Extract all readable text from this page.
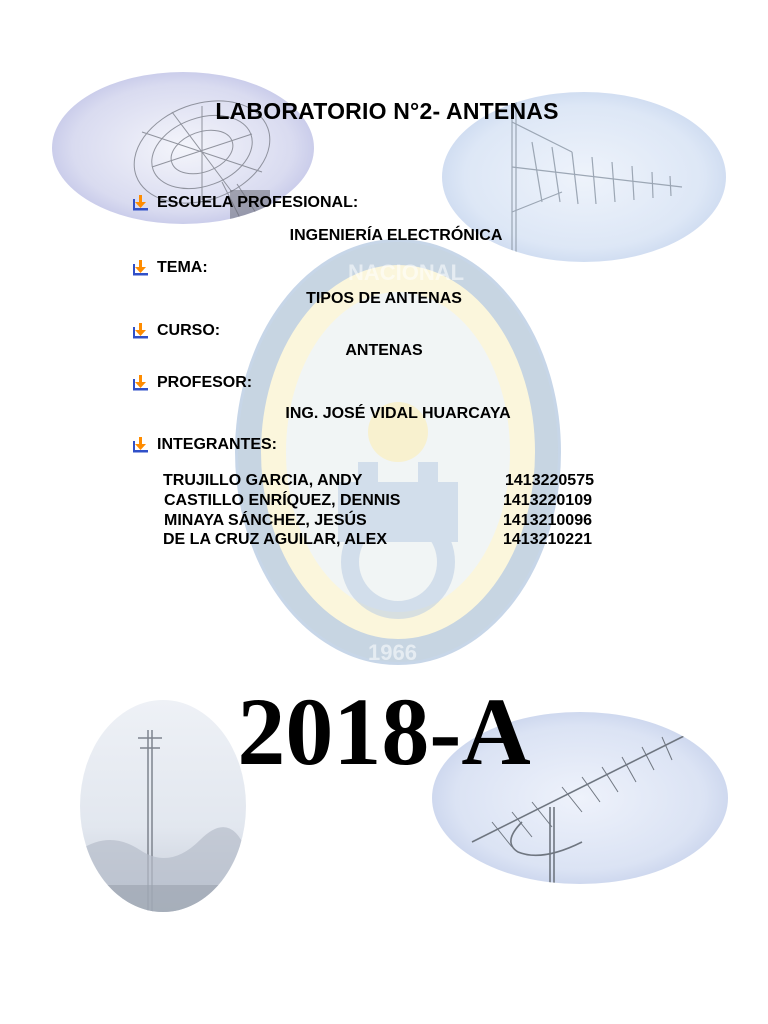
NACIONAL
1966
LABORATORIO N°2- ANTENAS
ESCUELA PROFESIONAL:
INGENIERÍA ELECTRÓNICA
TEMA:
TIPOS DE ANTENAS
CURSO:
ANTENAS
PROFESOR:
ING. JOSÉ VIDAL HUARCAYA
INTEGRANTES:
TRUJILLO GARCIA, ANDY	1413220575
CASTILLO ENRÍQUEZ, DENNIS	1413220109
MINAYA SÁNCHEZ, JESÚS	1413210096
DE LA CRUZ AGUILAR, ALEX	1413210221
2018-A
